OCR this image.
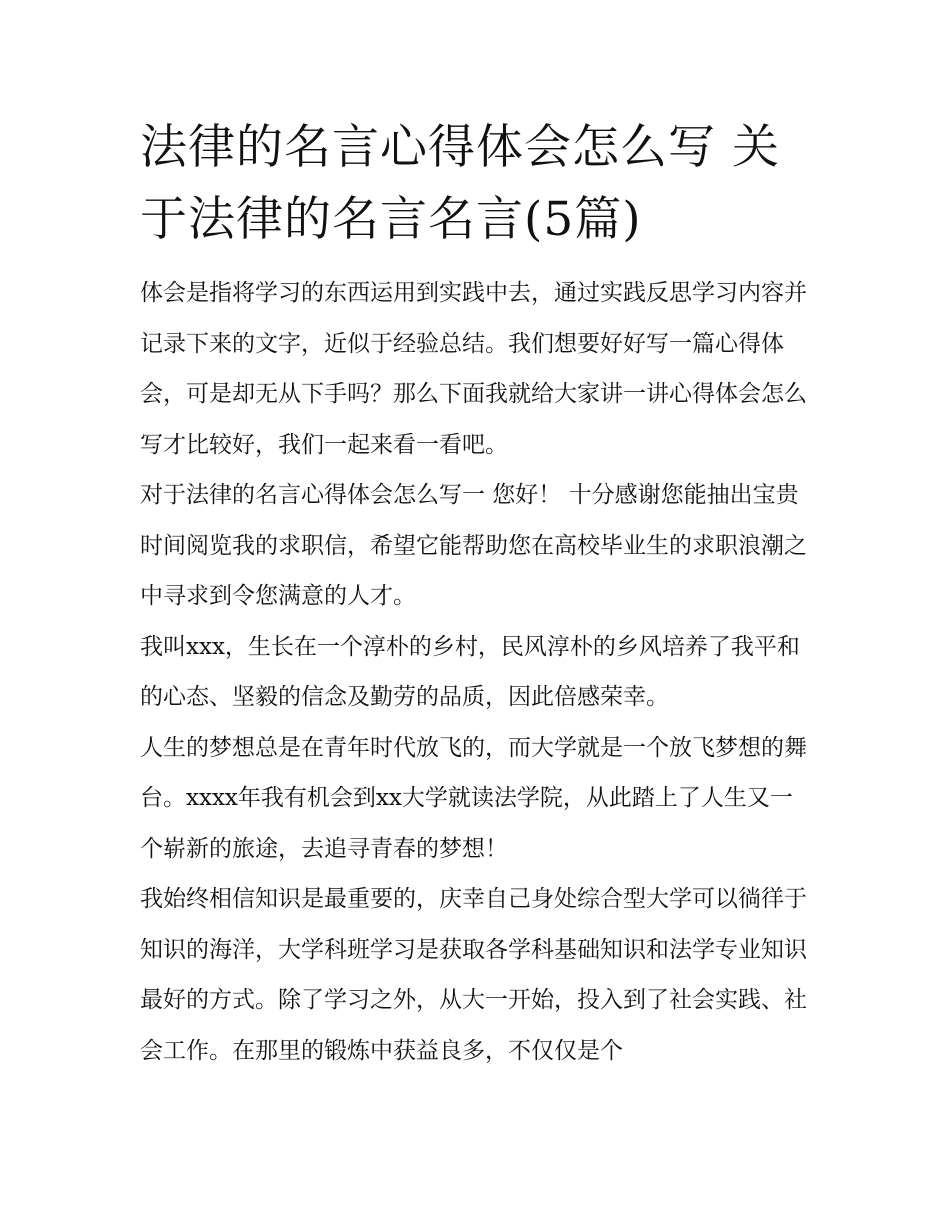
法律的名言心得体会怎么写 关于法律的名言名言(5篇)

体会是指将学习的东西运用到实践中去，通过实践反思学习内容并记录下来的文字，近似于经验总结。我们想要好好写一篇心得体会，可是却无从下手吗？那么下面我就给大家讲一讲心得体会怎么写才比较好，我们一起来看一看吧。

对于法律的名言心得体会怎么写一 您好！ 十分感谢您能抽出宝贵时间阅览我的求职信，希望它能帮助您在高校毕业生的求职浪潮之中寻求到令您满意的人才。

我叫xxx，生长在一个淳朴的乡村，民风淳朴的乡风培养了我平和的心态、坚毅的信念及勤劳的品质，因此倍感荣幸。

人生的梦想总是在青年时代放飞的，而大学就是一个放飞梦想的舞台。xxxx年我有机会到xx大学就读法学院，从此踏上了人生又一个崭新的旅途，去追寻青春的梦想！

我始终相信知识是最重要的，庆幸自己身处综合型大学可以徜徉于知识的海洋，大学科班学习是获取各学科基础知识和法学专业知识最好的方式。除了学习之外，从大一开始，投入到了社会实践、社会工作。在那里的锻炼中获益良多，不仅仅是个
